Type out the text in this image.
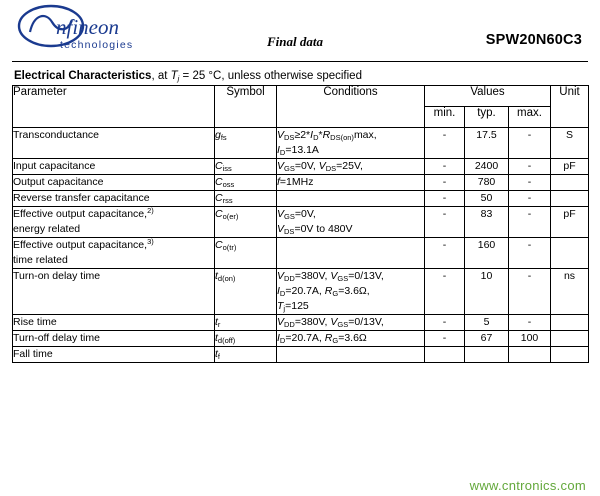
nfineon
technologies	Final data	SPW20N60C3
Electrical Characteristics, at $T_j = 25$ °C, unless otherwise specified
Parameter	Symbol	Conditions	Values			Unit
			min.	typ.	max.	
Transconductance	$g_{fs}$	$V_{DS}\ge 2*I_D*R_{DS(on)}\max$,
$I_D=13.1A$	-	17.5	-	S
Input capacitance	$C_{iss}$	$V_{GS}=0V$, $V_{DS}=25V$,	-	2400	-	pF
Output capacitance	$C_{oss}$	f=1MHz	-	780	-	
Reverse transfer capacitance	$C_{rss}$		-	50	-	
Effective output capacitance,$^{2)}$
energy related	$C_{o(er)}$	$V_{GS}=0V$,
$V_{DS}=0V$ to 480V	-	83	-	pF
Effective output capacitance,$^{3)}$
time related	$C_{o(tr)}$		-	160	-	
Turn-on delay time	$t_{d(on)}$	$V_{DD}=380V$, $V_{GS}=0/13V$,
$I_D=20.7A$, $R_G=3.6\Omega$,
$T_j=125$	-	10	-	ns
Rise time	$t_r$	$V_{DD}=380V$, $V_{GS}=0/13V$,	-	5	-	
Turn-off delay time	$t_{d(off)}$	$I_D=20.7A$, $R_G=3.6\Omega$	-	67	100	
Fall time	$t_f$					
www.cntronics.com
